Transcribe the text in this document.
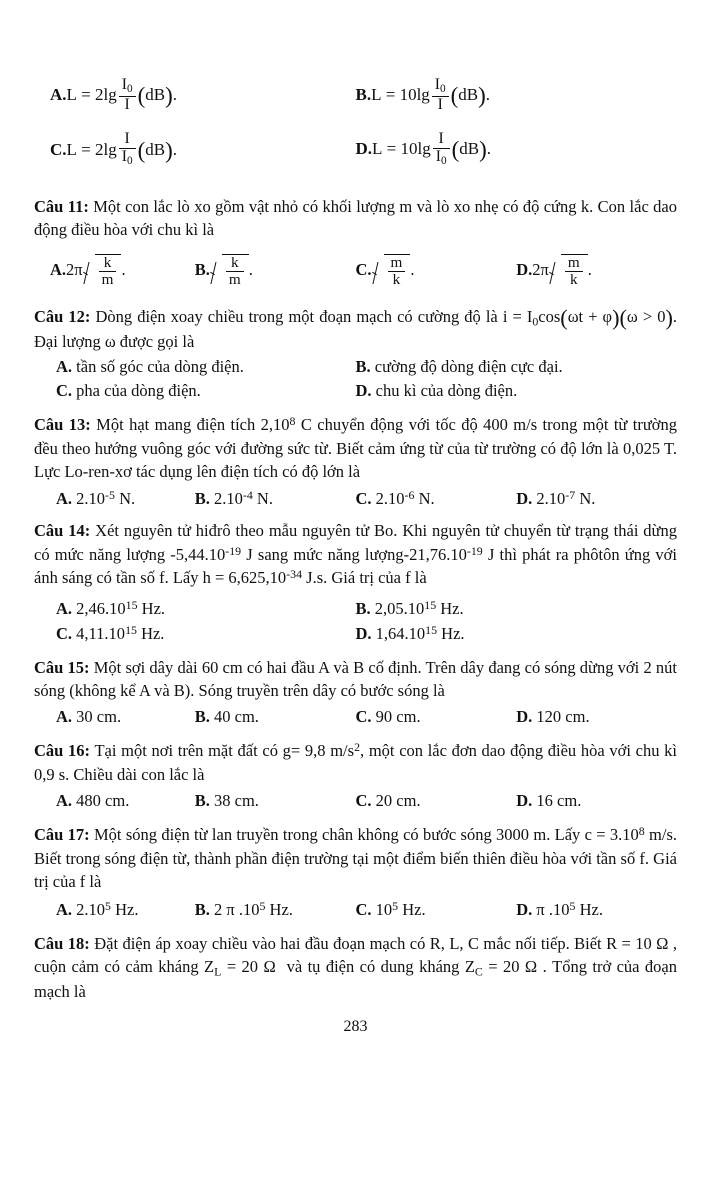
$A.L = 2\lg \frac{I_0}{I} (dB)$.	$B.L = 10\lg \frac{I_0}{I} (dB)$.
$C.L = 2\lg \frac{I}{I_0} (dB)$.	$D.L = 10\lg \frac{I}{I_0} (dB)$.
Câu 11: Một con lắc lò xo gồm vật nhỏ có khối lượng m và lò xo nhẹ có độ cứng k. Con lắc dao động điều hòa với chu kì là
$A.2\pi \frac{k}{m}$ .	B. $\frac{k}{m}$ .	C. $\frac{m}{k}$ .	$D.2\pi \frac{m}{k}$ .
Câu 12: Dòng điện xoay chiều trong một đoạn mạch có cường độ là $i = I_0\cos(\omega t + \varphi)(\omega > 0)$. Đại lượng ω được gọi là
A. tần số góc của dòng điện.	B. cường độ dòng điện cực đại.
C. pha của dòng điện.	D. chu kì của dòng điện.
Câu 13: Một hạt mang điện tích 2,10$^8$ C chuyển động với tốc độ 400 m/s trong một từ trường đều theo hướng vuông góc với đường sức từ. Biết cảm ứng từ của từ trường có độ lớn là 0,025 T. Lực Lo-ren-xơ tác dụng lên điện tích có độ lớn là
A. $2.10^{-5}$ N.	B. $2.10^{-4}$ N.	C. $2.10^{-6}$ N.	D. $2.10^{-7}$ N.
Câu 14: Xét nguyên tử hiđrô theo mẫu nguyên tử Bo. Khi nguyên tử chuyển từ trạng thái dừng có mức năng lượng $-5,44.10^{-19}$ J sang mức năng lượng-$21,76.10^{-19}$ J thì phát ra phôtôn ứng với ánh sáng có tần số f. Lấy $h = 6,625,10^{-34}$ J.s. Giá trị của f là
A. 2,46.10$^{15}$ Hz.	B. 2,05.10$^{15}$ Hz.
C. 4,11.10$^{15}$ Hz.	D. 1,64.10$^{15}$ Hz.
Câu 15: Một sợi dây dài 60 cm có hai đầu A và B cố định. Trên dây đang có sóng dừng với 2 nút sóng (không kể A và B). Sóng truyền trên dây có bước sóng là
A. 30 cm.	B. 40 cm.	C. 90 cm.	D. 120 cm.
Câu 16: Tại một nơi trên mặt đất có g= 9,8 $m/s^2$, một con lắc đơn dao động điều hòa với chu kì 0,9 s. Chiều dài con lắc là
A. 480 cm.	B. 38 cm.	C. 20 cm.	D. 16 cm.
Câu 17: Một sóng điện từ lan truyền trong chân không có bước sóng 3000 m. Lấy $c = 3.10^8$ m/s. Biết trong sóng điện từ, thành phần điện trường tại một điểm biến thiên điều hòa với tần số f. Giá trị của f là
A. 2.10$^5$ Hz.	B. 2 π $.10^5$ Hz.	C. $10^5$ Hz.	D. π $.10^5$ Hz.
Câu 18: Đặt điện áp xoay chiều vào hai đầu đoạn mạch có R, L, C mắc nối tiếp. Biết R = 10 Ω , cuộn cảm có cảm kháng $Z_L = 20$ Ω  và tụ điện có dung kháng $Z_C = 20$ Ω . Tổng trở của đoạn mạch là
283
